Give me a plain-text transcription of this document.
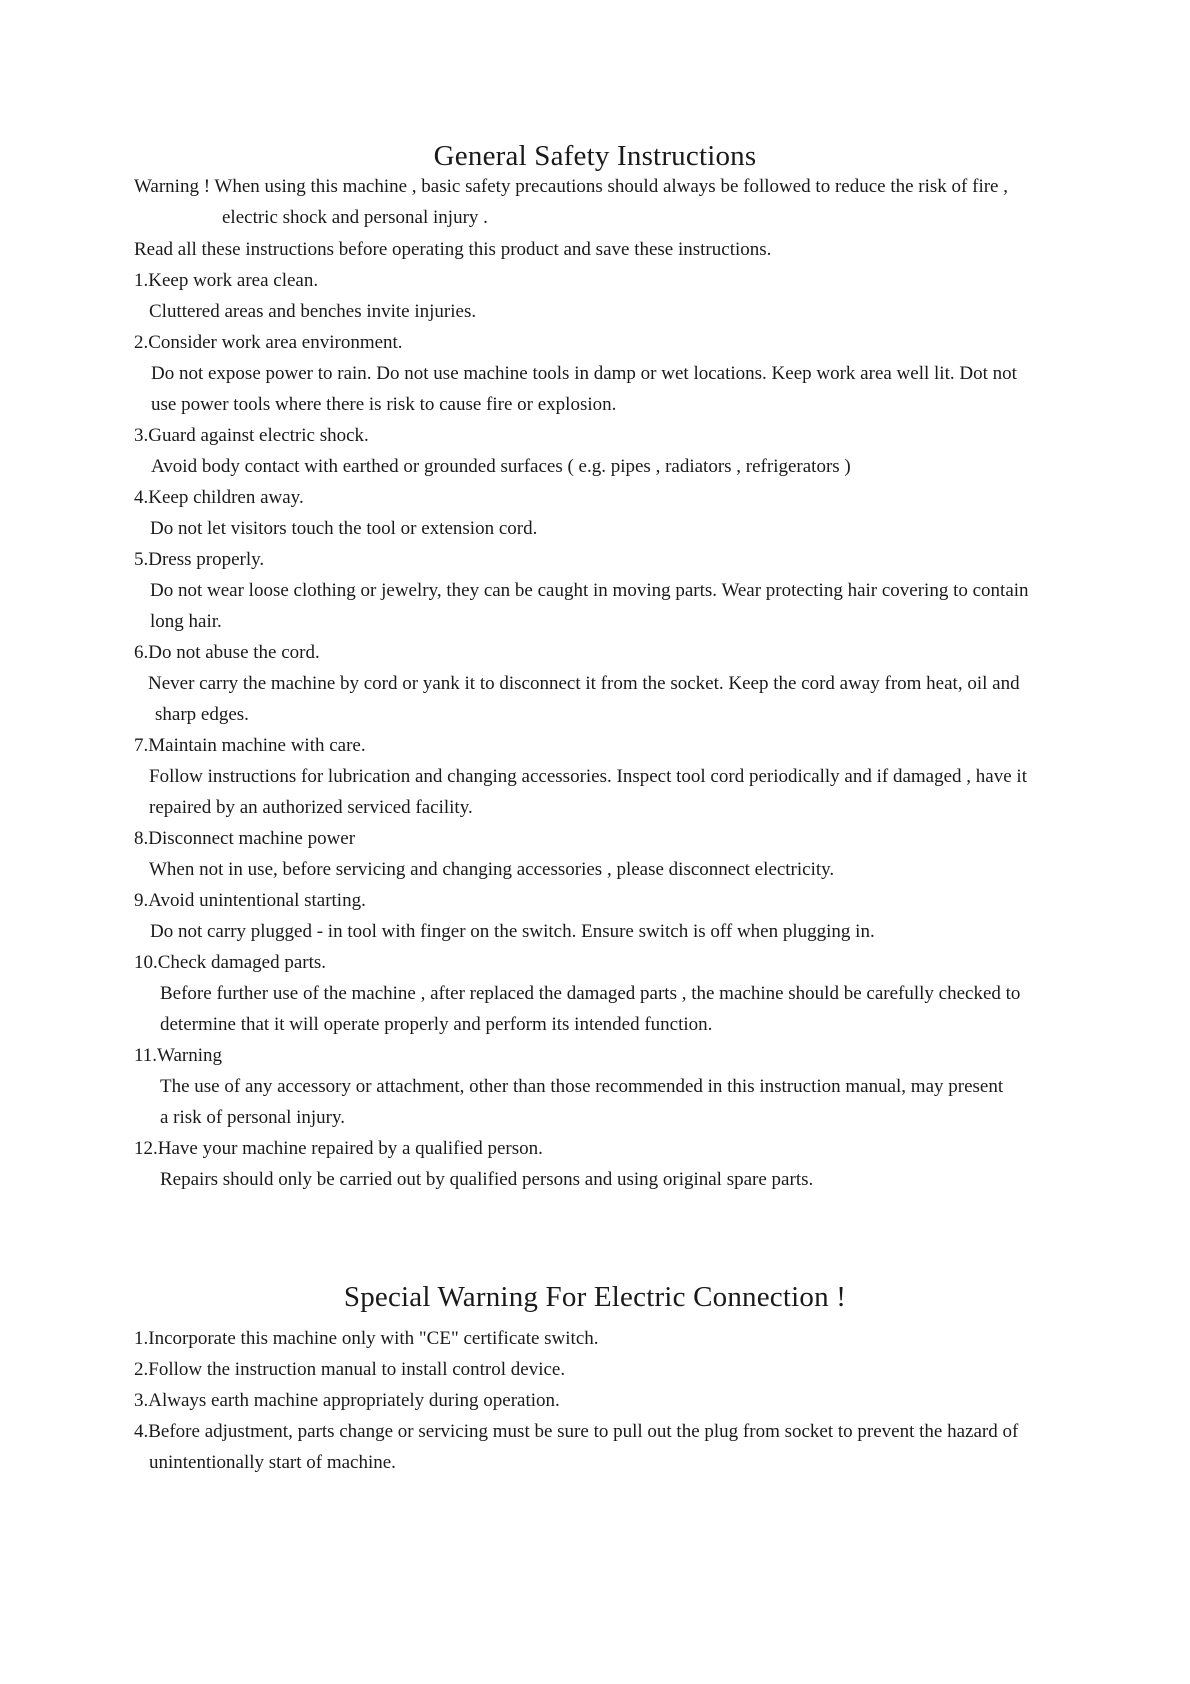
General Safety Instructions

Warning ! When using this machine , basic safety precautions should always be followed to reduce the risk of fire ,

electric shock and personal injury .

Read all these instructions before operating this product and save these instructions.

1.Keep work area clean.

Cluttered areas and benches invite injuries.

2.Consider work area environment.

Do not expose power to rain. Do not use machine tools in damp or wet locations. Keep work area well lit. Dot not

use power tools where there is risk to cause fire or explosion.

3.Guard against electric shock.

Avoid body contact with earthed or grounded surfaces ( e.g. pipes , radiators , refrigerators )

4.Keep children away.

Do not let visitors touch the tool or extension cord.

5.Dress properly.

Do not wear loose clothing or jewelry, they can be caught in moving parts. Wear protecting hair covering to contain

long hair.

6.Do not abuse the cord.

Never carry the machine by cord or yank it to disconnect it from the socket. Keep the cord away from heat, oil and

sharp edges.

7.Maintain machine with care.

Follow instructions for lubrication and changing accessories. Inspect tool cord periodically and if damaged , have it

repaired by an authorized serviced facility.

8.Disconnect machine power

When not in use, before servicing and changing accessories , please disconnect electricity.

9.Avoid unintentional starting.

Do not carry plugged - in tool with finger on the switch. Ensure switch is off when plugging in.

10.Check damaged parts.

Before further use of the machine , after replaced the damaged parts , the machine should be carefully checked to

determine that it will operate properly and perform its intended function.

11.Warning

The use of any accessory or attachment, other than those recommended in this instruction manual, may present

a risk of personal injury.

12.Have your machine repaired by a qualified person.

Repairs should only be carried out by qualified persons and using original spare parts.

Special Warning For Electric Connection !

1.Incorporate this machine only with "CE" certificate switch.

2.Follow the instruction manual to install control device.

3.Always earth machine appropriately during operation.

4.Before adjustment, parts change or servicing must be sure to pull out the plug from socket to prevent the hazard of

unintentionally start of machine.
